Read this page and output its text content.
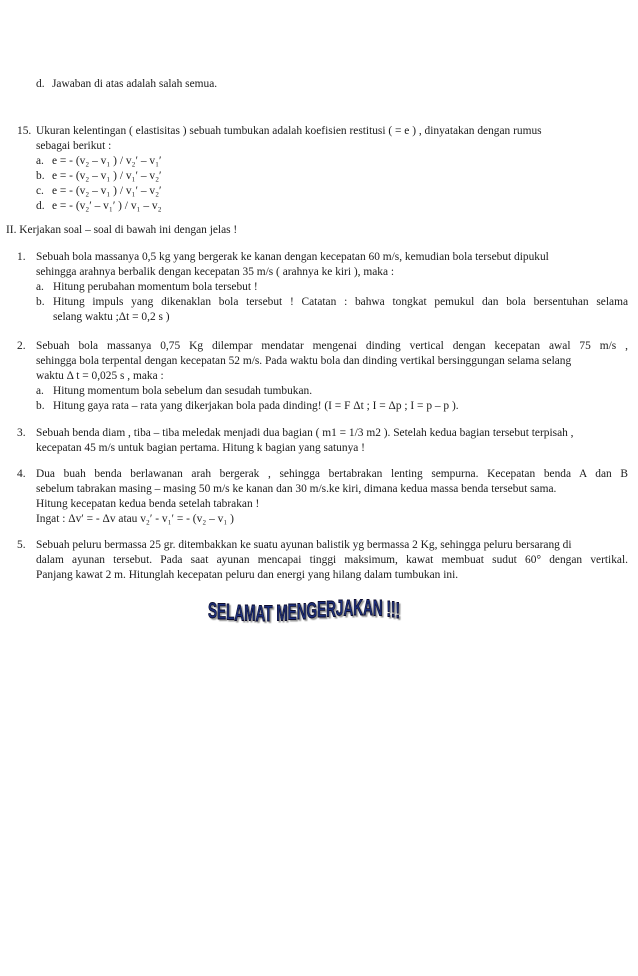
d. Jawaban di atas adalah salah semua.
15. Ukuran kelentingan ( elastisitas ) sebuah tumbukan adalah koefisien restitusi ( = e ) , dinyatakan dengan rumus
sebagai berikut :
a. e = - (v₂ – v₁ ) / v₂′ – v₁′
b. e = - (v₂ – v₁ ) / v₁′ – v₂′
c. e = - (v₂ – v₁ ) / v₁′ – v₂′
d. e = - (v₂′ – v₁′ ) / v₁ – v₂
II. Kerjakan soal – soal di bawah ini dengan jelas !
1. Sebuah bola massanya 0,5 kg yang bergerak ke kanan dengan kecepatan 60 m/s, kemudian bola tersebut dipukul
sehingga arahnya berbalik dengan kecepatan 35 m/s ( arahnya ke kiri ), maka :
a. Hitung perubahan momentum bola tersebut !
b. Hitung impuls yang dikenaklan bola tersebut ! Catatan : bahwa tongkat pemukul dan bola bersentuhan selama
selang waktu ;Δt = 0,2 s )
2. Sebuah bola massanya 0,75 Kg dilempar mendatar mengenai dinding vertical dengan kecepatan awal 75 m/s ,
sehingga bola terpental dengan kecepatan 52 m/s. Pada waktu bola dan dinding vertikal bersinggungan selama selang
waktu Δ t = 0,025 s , maka :
a. Hitung momentum bola sebelum dan sesudah tumbukan.
b. Hitung gaya rata – rata yang dikerjakan bola pada dinding! (I = F Δt ; I = Δp ; I = p – p ).
3. Sebuah benda diam , tiba – tiba meledak menjadi dua bagian ( m1 = 1/3 m2 ). Setelah kedua bagian tersebut terpisah ,
kecepatan 45 m/s untuk bagian pertama. Hitung k bagian yang satunya !
4. Dua buah benda berlawanan arah bergerak , sehingga bertabrakan lenting sempurna. Kecepatan benda A dan B
sebelum tabrakan masing – masing 50 m/s ke kanan dan 30 m/s.ke kiri, dimana kedua massa benda tersebut sama.
Hitung kecepatan kedua benda setelah tabrakan !
Ingat : Δv′ = - Δv atau v₂′ - v₁′ = - (v₂ – v₁ )
5. Sebuah peluru bermassa 25 gr. ditembakkan ke suatu ayunan balistik yg bermassa 2 Kg, sehingga peluru bersarang di
dalam ayunan tersebut. Pada saat ayunan mencapai tinggi maksimum, kawat membuat sudut 60° dengan vertikal.
Panjang kawat 2 m. Hitunglah kecepatan peluru dan energi yang hilang dalam tumbukan ini.
SELAMAT MENGERJAKAN !!!
